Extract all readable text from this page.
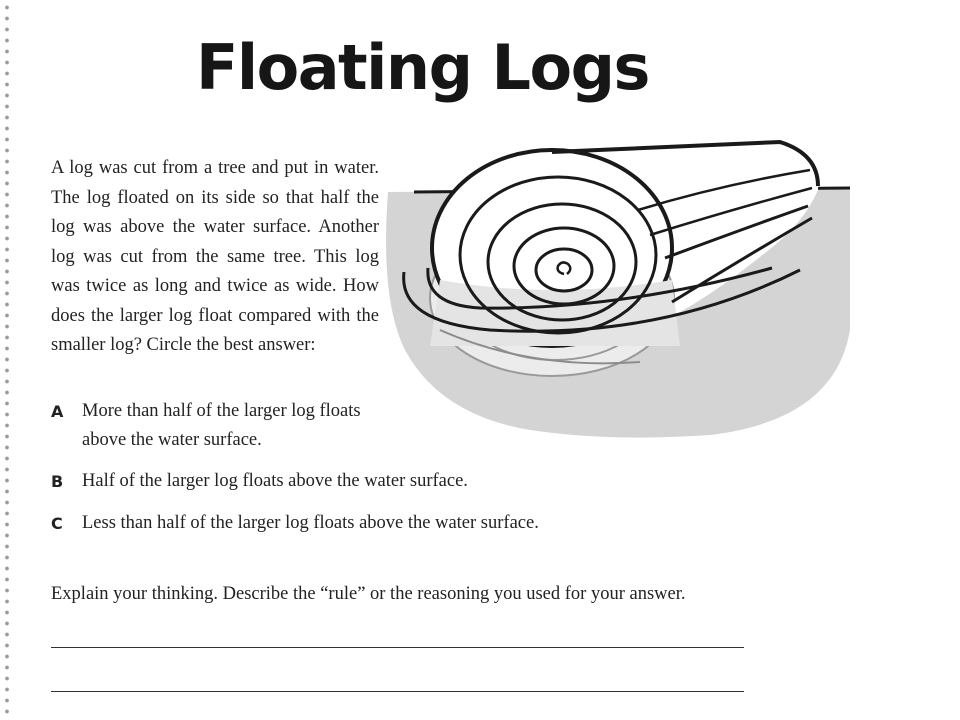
Floating Logs

A log was cut from a tree and put in water. The log floated on its side so that half the log was above the water surface. Another log was cut from the same tree. This log was twice as long and twice as wide. How does the larger log float compared with the smaller log? Circle the best answer:

A More than half of the larger log floats above the water surface.
B Half of the larger log floats above the water surface.
C Less than half of the larger log floats above the water surface.
Explain your thinking. Describe the “rule” or the reasoning you used for your answer.
